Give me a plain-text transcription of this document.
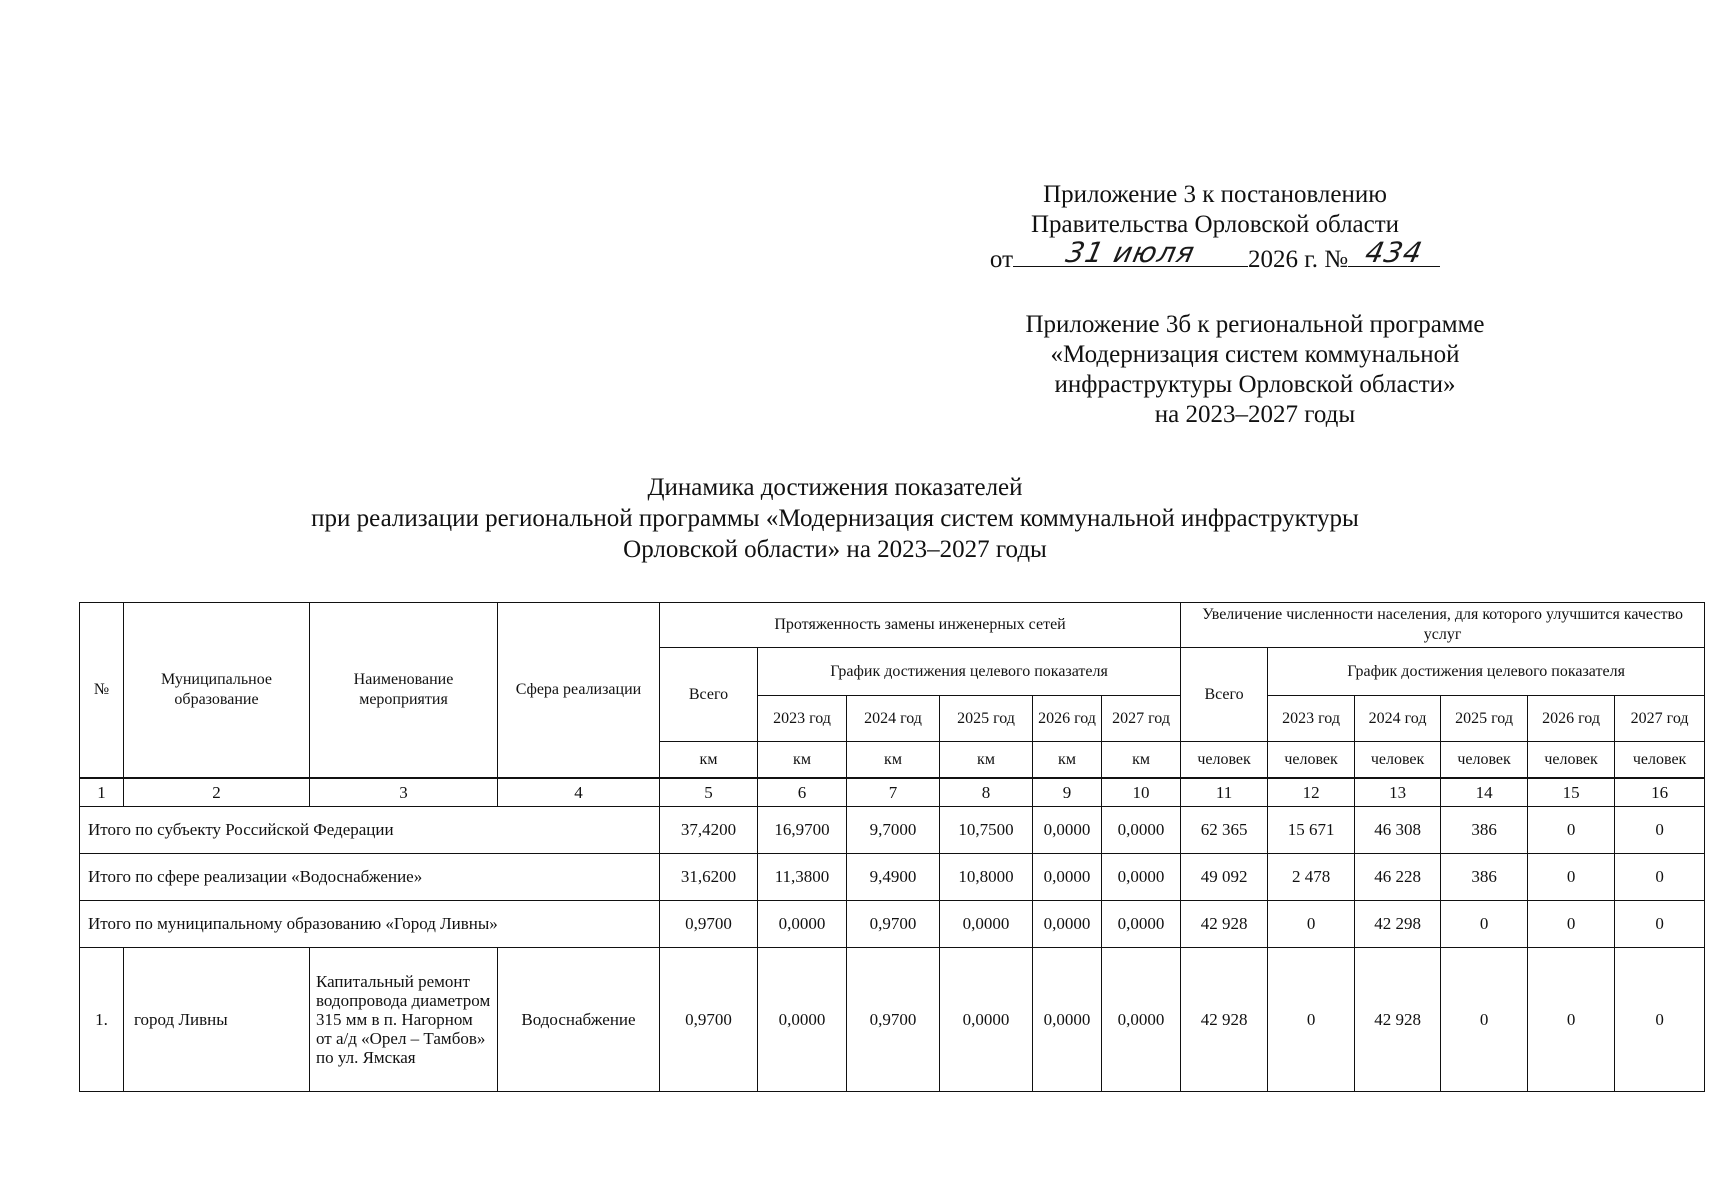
Приложение 3 к постановлению
Правительства Орловской области
от	31 июля	2026 г. № 434
Приложение 3б к региональной программе
«Модернизация систем коммунальной
инфраструктуры Орловской области»
на 2023–2027 годы
Динамика достижения показателей
при реализации региональной программы «Модернизация систем коммунальной инфраструктуры
Орловской области» на 2023–2027 годы
№	Муниципальное образование	Наименование мероприятия	Сфера реализации	Протяженность замены инженерных сетей						Увеличение численности населения, для которого улучшится качество услуг					
				Всего	График достижения целевого показателя					Всего	График достижения целевого показателя				
					2023 год	2024 год	2025 год	2026 год	2027 год		2023 год	2024 год	2025 год	2026 год	2027 год
				км	км	км	км	км	км	человек	человек	человек	человек	человек	человек
1	2	3	4	5	6	7	8	9	10	11	12	13	14	15	16
Итого по субъекту Российской Федерации				37,4200	16,9700	9,7000	10,7500	0,0000	0,0000	62 365	15 671	46 308	386	0	0
Итого по сфере реализации «Водоснабжение»				31,6200	11,3800	9,4900	10,8000	0,0000	0,0000	49 092	2 478	46 228	386	0	0
Итого по муниципальному образованию «Город Ливны»				0,9700	0,0000	0,9700	0,0000	0,0000	0,0000	42 928	0	42 298	0	0	0
1.	город Ливны	Капитальный ремонт водопровода диаметром 315 мм в п. Нагорном от а/д «Орел – Тамбов» по ул. Ямская	Водоснабжение	0,9700	0,0000	0,9700	0,0000	0,0000	0,0000	42 928	0	42 928	0	0	0
